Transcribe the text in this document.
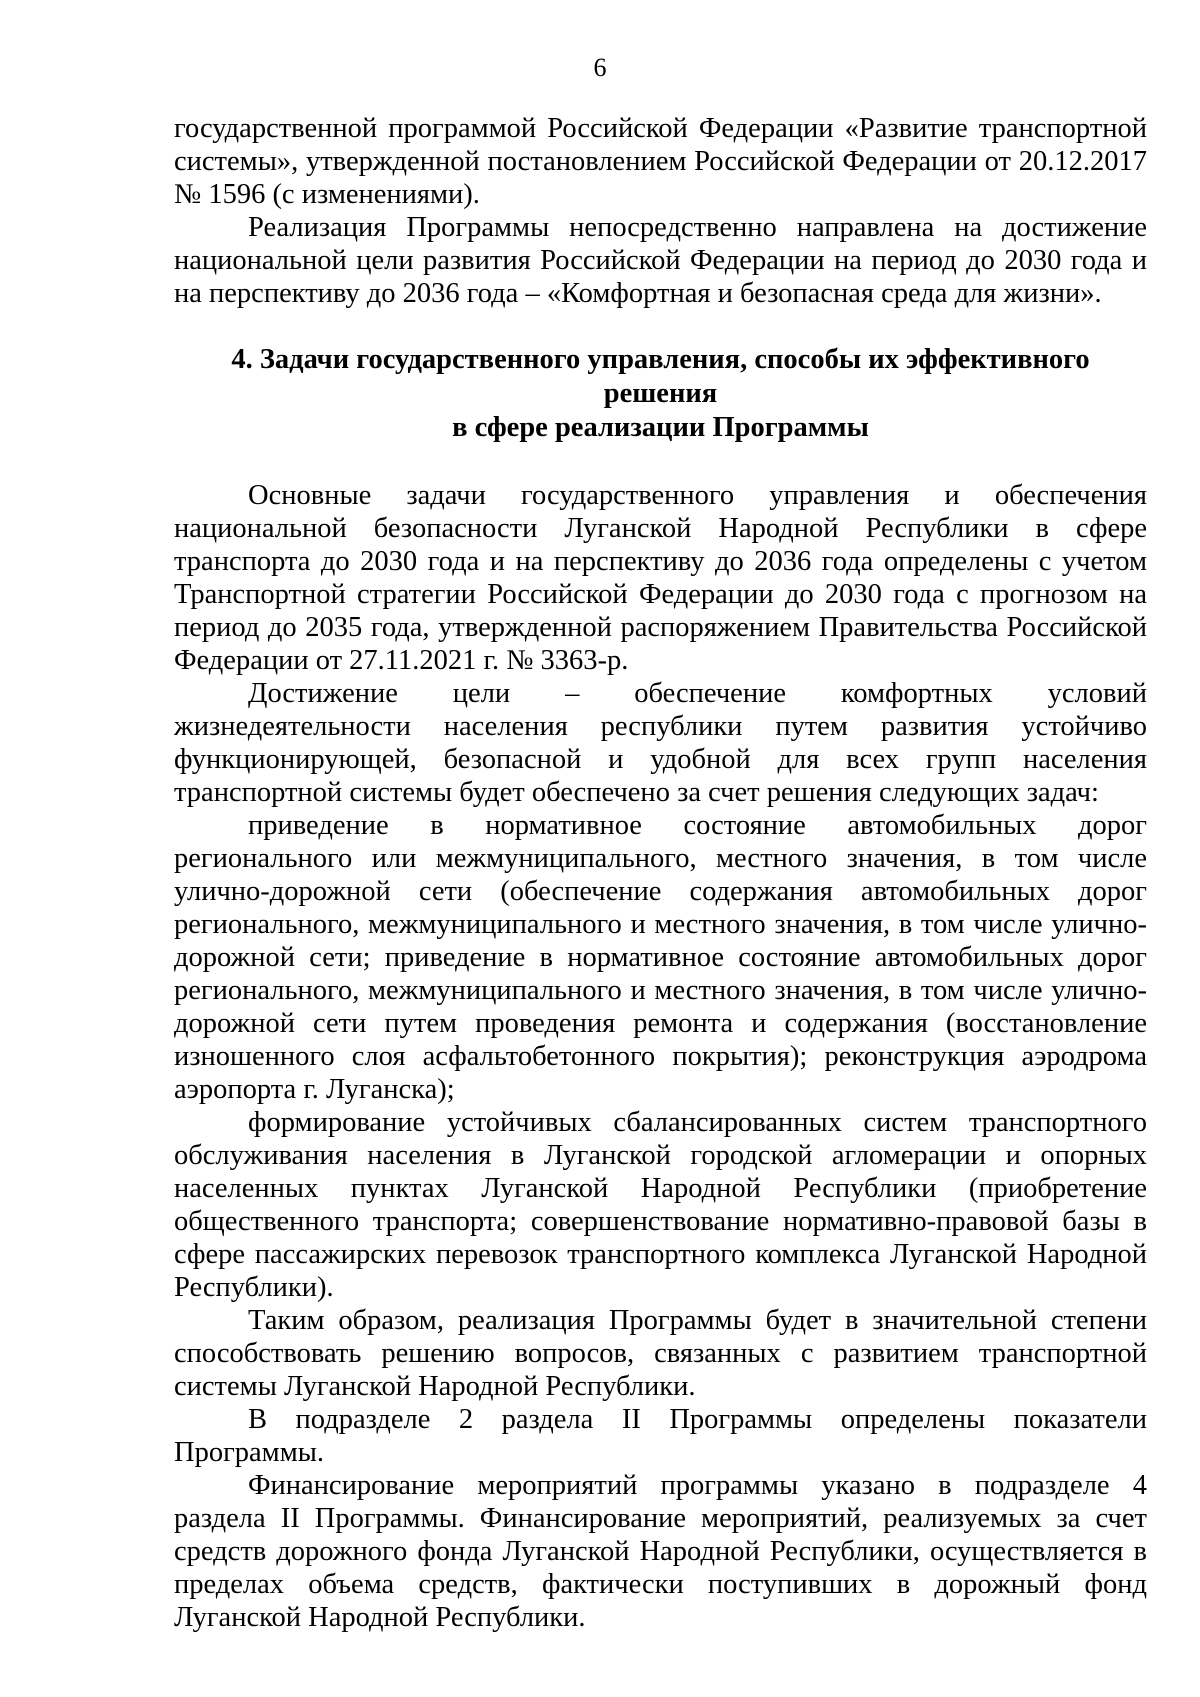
6

государственной программой Российской Федерации «Развитие транспортной системы», утвержденной постановлением Российской Федерации от 20.12.2017 № 1596 (с изменениями).

Реализация Программы непосредственно направлена на достижение национальной цели развития Российской Федерации на период до 2030 года и на перспективу до 2036 года – «Комфортная и безопасная среда для жизни».

4. Задачи государственного управления, способы их эффективного решения
в сфере реализации Программы

Основные задачи государственного управления и обеспечения национальной безопасности Луганской Народной Республики в сфере транспорта до 2030 года и на перспективу до 2036 года определены с учетом Транспортной стратегии Российской Федерации до 2030 года с прогнозом на период до 2035 года, утвержденной распоряжением Правительства Российской Федерации от 27.11.2021 г. № 3363-р.

Достижение цели – обеспечение комфортных условий жизнедеятельности населения республики путем развития устойчиво функционирующей, безопасной и удобной для всех групп населения транспортной системы будет обеспечено за счет решения следующих задач:

приведение в нормативное состояние автомобильных дорог регионального или межмуниципального, местного значения, в том числе улично-дорожной сети (обеспечение содержания автомобильных дорог регионального, межмуниципального и местного значения, в том числе улично-дорожной сети; приведение в нормативное состояние автомобильных дорог регионального, межмуниципального и местного значения, в том числе улично-дорожной сети путем проведения ремонта и содержания (восстановление изношенного слоя асфальтобетонного покрытия); реконструкция аэродрома аэропорта г. Луганска);

формирование устойчивых сбалансированных систем транспортного обслуживания населения в Луганской городской агломерации и опорных населенных пунктах Луганской Народной Республики (приобретение общественного транспорта; совершенствование нормативно-правовой базы в сфере пассажирских перевозок транспортного комплекса Луганской Народной Республики).

Таким образом, реализация Программы будет в значительной степени способствовать решению вопросов, связанных с развитием транспортной системы Луганской Народной Республики.

В подразделе 2 раздела II Программы определены показатели Программы.

Финансирование мероприятий программы указано в подразделе 4 раздела II Программы. Финансирование мероприятий, реализуемых за счет средств дорожного фонда Луганской Народной Республики, осуществляется в пределах объема средств, фактически поступивших в дорожный фонд Луганской Народной Республики.
